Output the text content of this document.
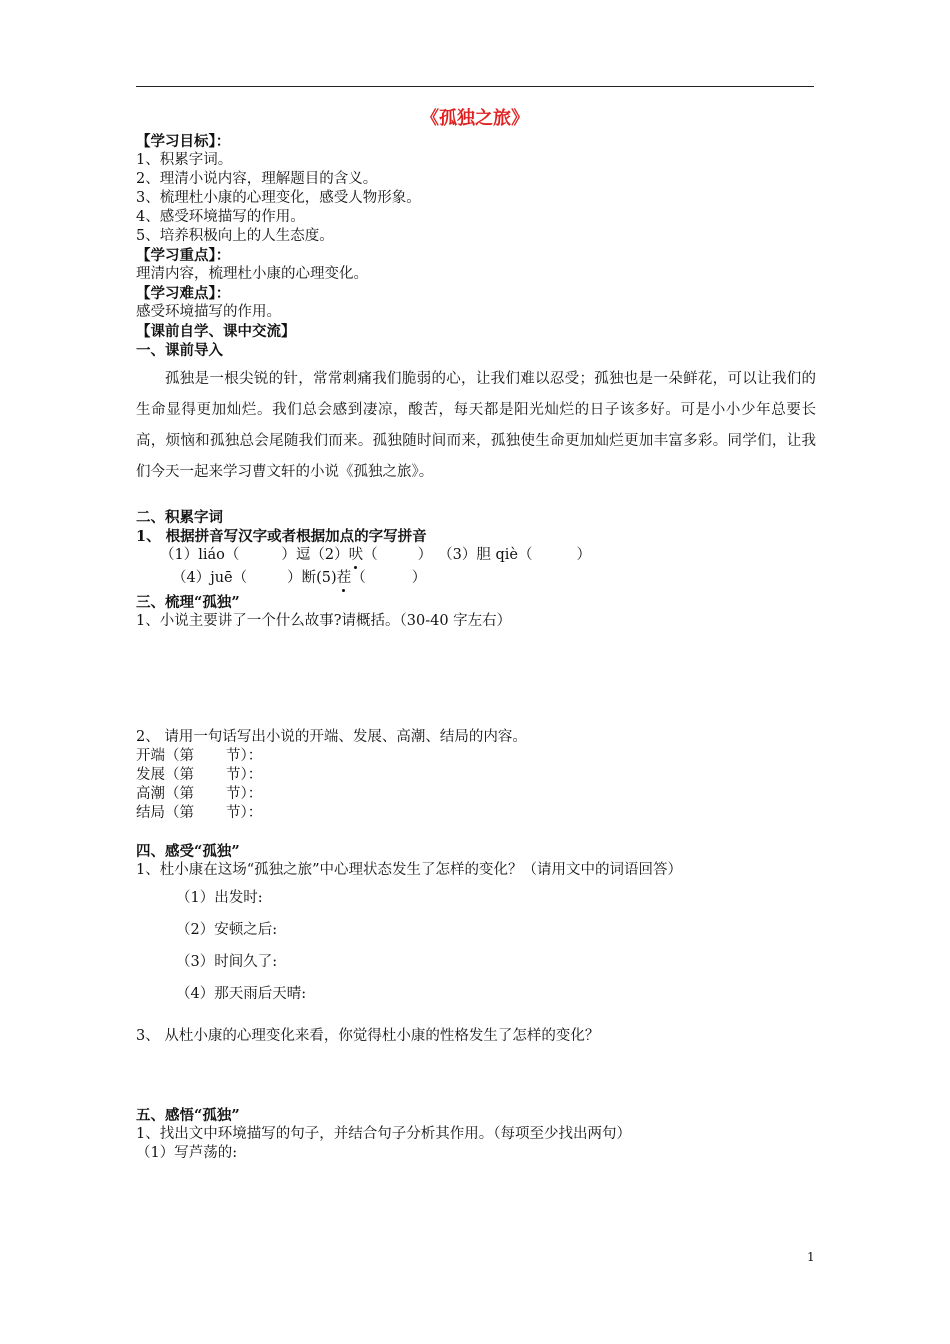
《孤独之旅》
【学习目标】：
1、积累字词。
2、理清小说内容，理解题目的含义。
3、梳理杜小康的心理变化，感受人物形象。
4、感受环境描写的作用。
5、培养积极向上的人生态度。
【学习重点】：
理清内容，梳理杜小康的心理变化。
【学习难点】：
感受环境描写的作用。
【课前自学、课中交流】
一、课前导入
孤独是一根尖锐的针，常常刺痛我们脆弱的心，让我们难以忍受；孤独也是一朵鲜花，可以让我们的生命显得更加灿烂。我们总会感到凄凉，酸苦，每天都是阳光灿烂的日子该多好。可是小小少年总要长高，烦恼和孤独总会尾随我们而来。孤独随时间而来，孤独使生命更加灿烂更加丰富多彩。同学们，让我们今天一起来学习曹文轩的小说《孤独之旅》。
二、积累字词
1、 根据拼音写汉字或者根据加点的字写拼音
（1）liáo（	）逗（2）吠（	） （3）胆 qiè（	）
（4）juē（	）断(5)茬（	）
三、梳理“孤独”
1、小说主要讲了一个什么故事?请概括。（30-40 字左右）
2、 请用一句话写出小说的开端、发展、高潮、结局的内容。
开端（第 节）：
发展（第 节）：
高潮（第 节）：
结局（第 节）：
四、感受“孤独”
1、杜小康在这场“孤独之旅”中心理状态发生了怎样的变化？（请用文中的词语回答）
（1）出发时:
（2）安顿之后:
（3）时间久了:
（4）那天雨后天晴:
3、 从杜小康的心理变化来看，你觉得杜小康的性格发生了怎样的变化？
五、感悟“孤独”
1、找出文中环境描写的句子，并结合句子分析其作用。（每项至少找出两句）
（1）写芦荡的:
1
